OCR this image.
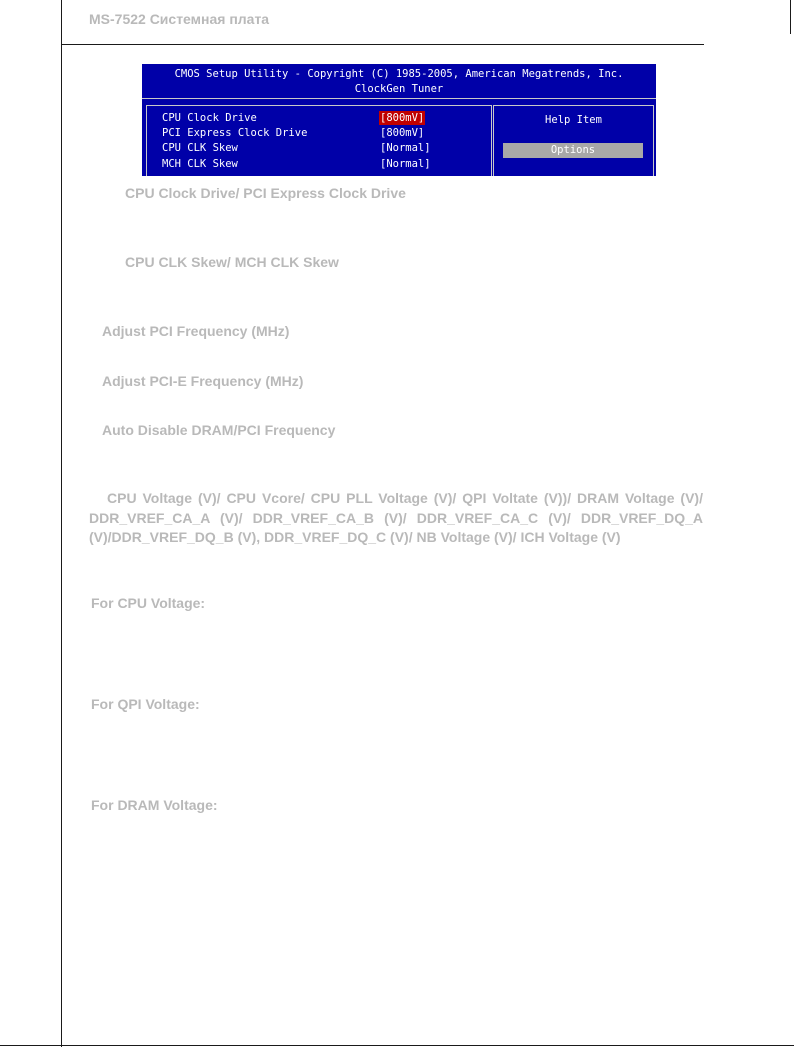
MS-7522 Системная плата
CMOS Setup Utility - Copyright (C) 1985-2005, American Megatrends, Inc.
ClockGen Tuner
CPU Clock Drive	[800mV]
PCI Express Clock Drive	[800mV]
CPU CLK Skew	[Normal]
MCH CLK Skew	[Normal]
Help Item
Options
CPU Clock Drive/ PCI Express Clock Drive
CPU CLK Skew/ MCH CLK Skew
Adjust PCI Frequency (MHz)
Adjust PCI-E Frequency (MHz)
Auto Disable DRAM/PCI Frequency
CPU Voltage (V)/ CPU Vcore/ CPU PLL Voltage (V)/ QPI Voltate (V))/ DRAM Voltage (V)/ DDR_VREF_CA_A (V)/ DDR_VREF_CA_B (V)/ DDR_VREF_CA_C (V)/ DDR_VREF_DQ_A (V)/DDR_VREF_DQ_B (V), DDR_VREF_DQ_C (V)/ NB Voltage (V)/ ICH Voltage (V)
For CPU Voltage:
For QPI Voltage:
For DRAM Voltage:
